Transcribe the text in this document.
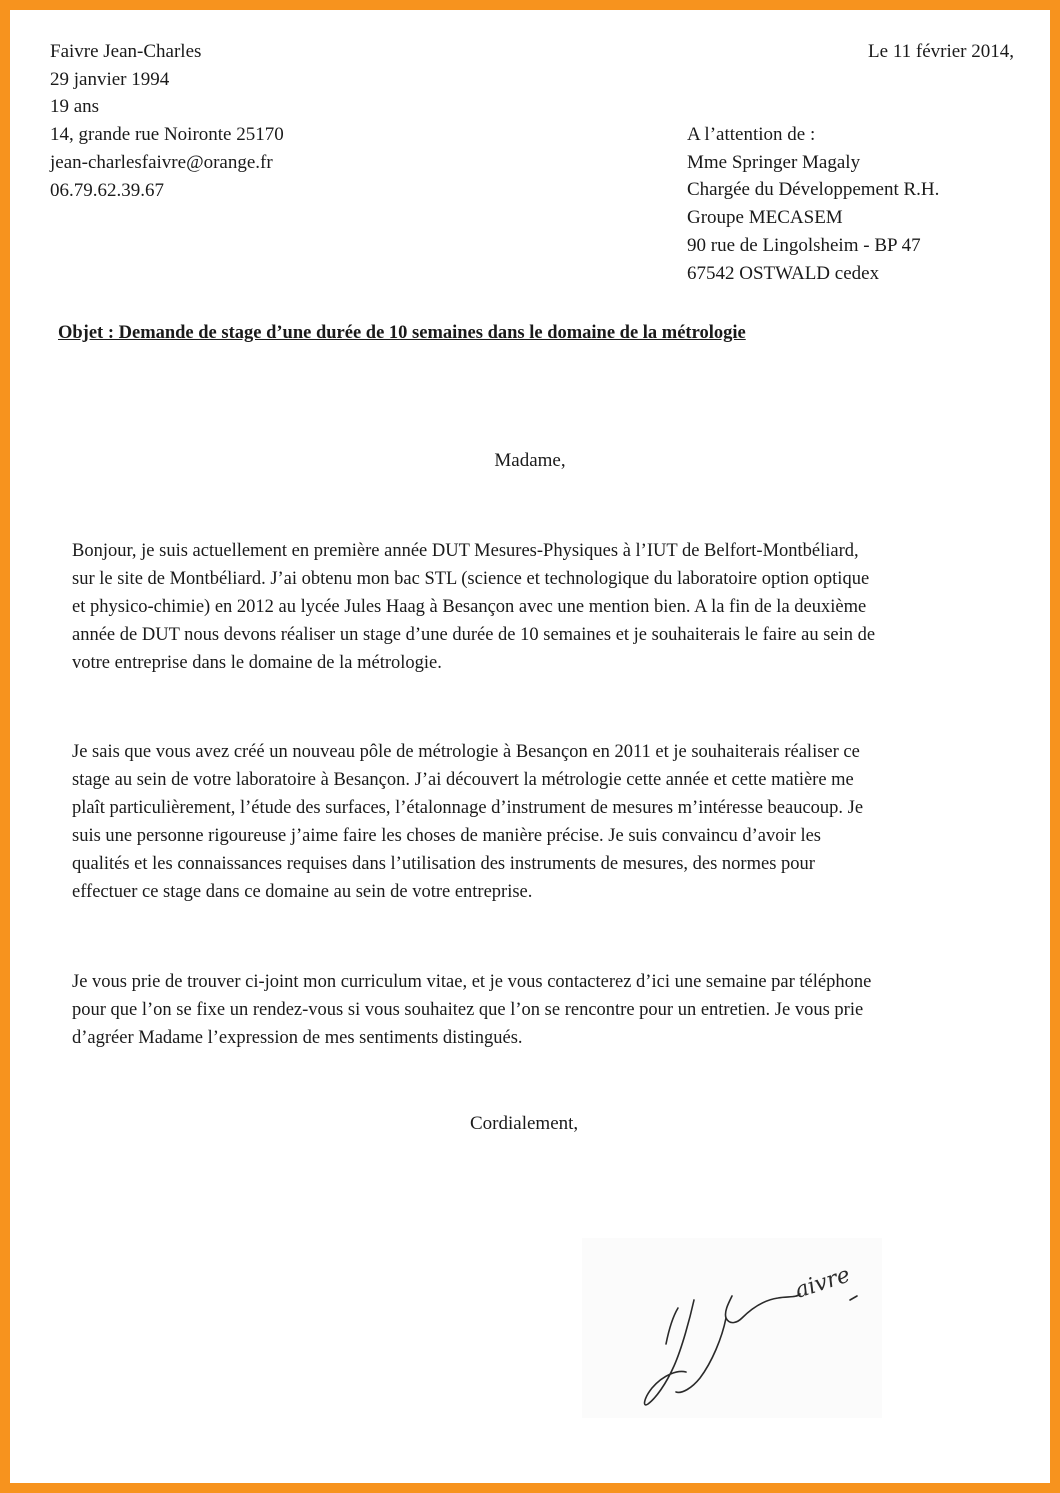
Faivre Jean-Charles
29 janvier 1994
19 ans
14, grande rue Noironte 25170
jean-charlesfaivre@orange.fr
06.79.62.39.67
Le 11 février 2014,
A l’attention de :
Mme Springer Magaly
Chargée du Développement R.H.
Groupe MECASEM
90 rue de Lingolsheim - BP 47
67542 OSTWALD cedex
Objet : Demande de stage d’une durée de 10 semaines dans le domaine de la métrologie
Madame,
Bonjour, je suis actuellement en première année DUT Mesures-Physiques à l’IUT de Belfort-Montbéliard,
sur le site de Montbéliard. J’ai obtenu mon bac STL (science et technologique du laboratoire option optique
et physico-chimie) en 2012 au lycée Jules Haag à Besançon avec une mention bien. A la fin de la deuxième
année de DUT nous devons réaliser un stage d’une durée de 10 semaines et je souhaiterais le faire au sein de
votre entreprise dans le domaine de la métrologie.
Je sais que vous avez créé un nouveau pôle de métrologie à Besançon en 2011 et je souhaiterais réaliser ce
stage au sein de votre laboratoire à Besançon. J’ai découvert la métrologie cette année et cette matière me
plaît particulièrement, l’étude des surfaces, l’étalonnage d’instrument de mesures m’intéresse beaucoup. Je
suis une personne rigoureuse j’aime faire les choses de manière précise. Je suis convaincu d’avoir les
qualités et les connaissances requises dans l’utilisation des instruments de mesures, des normes pour
effectuer ce stage dans ce domaine au sein de votre entreprise.
Je vous prie de trouver ci-joint mon curriculum vitae, et je vous contacterez d’ici une semaine par téléphone
pour que l’on se fixe un rendez-vous si vous souhaitez que l’on se rencontre pour un entretien. Je vous prie
d’agréer Madame l’expression de mes sentiments distingués.
Cordialement,
aivre
